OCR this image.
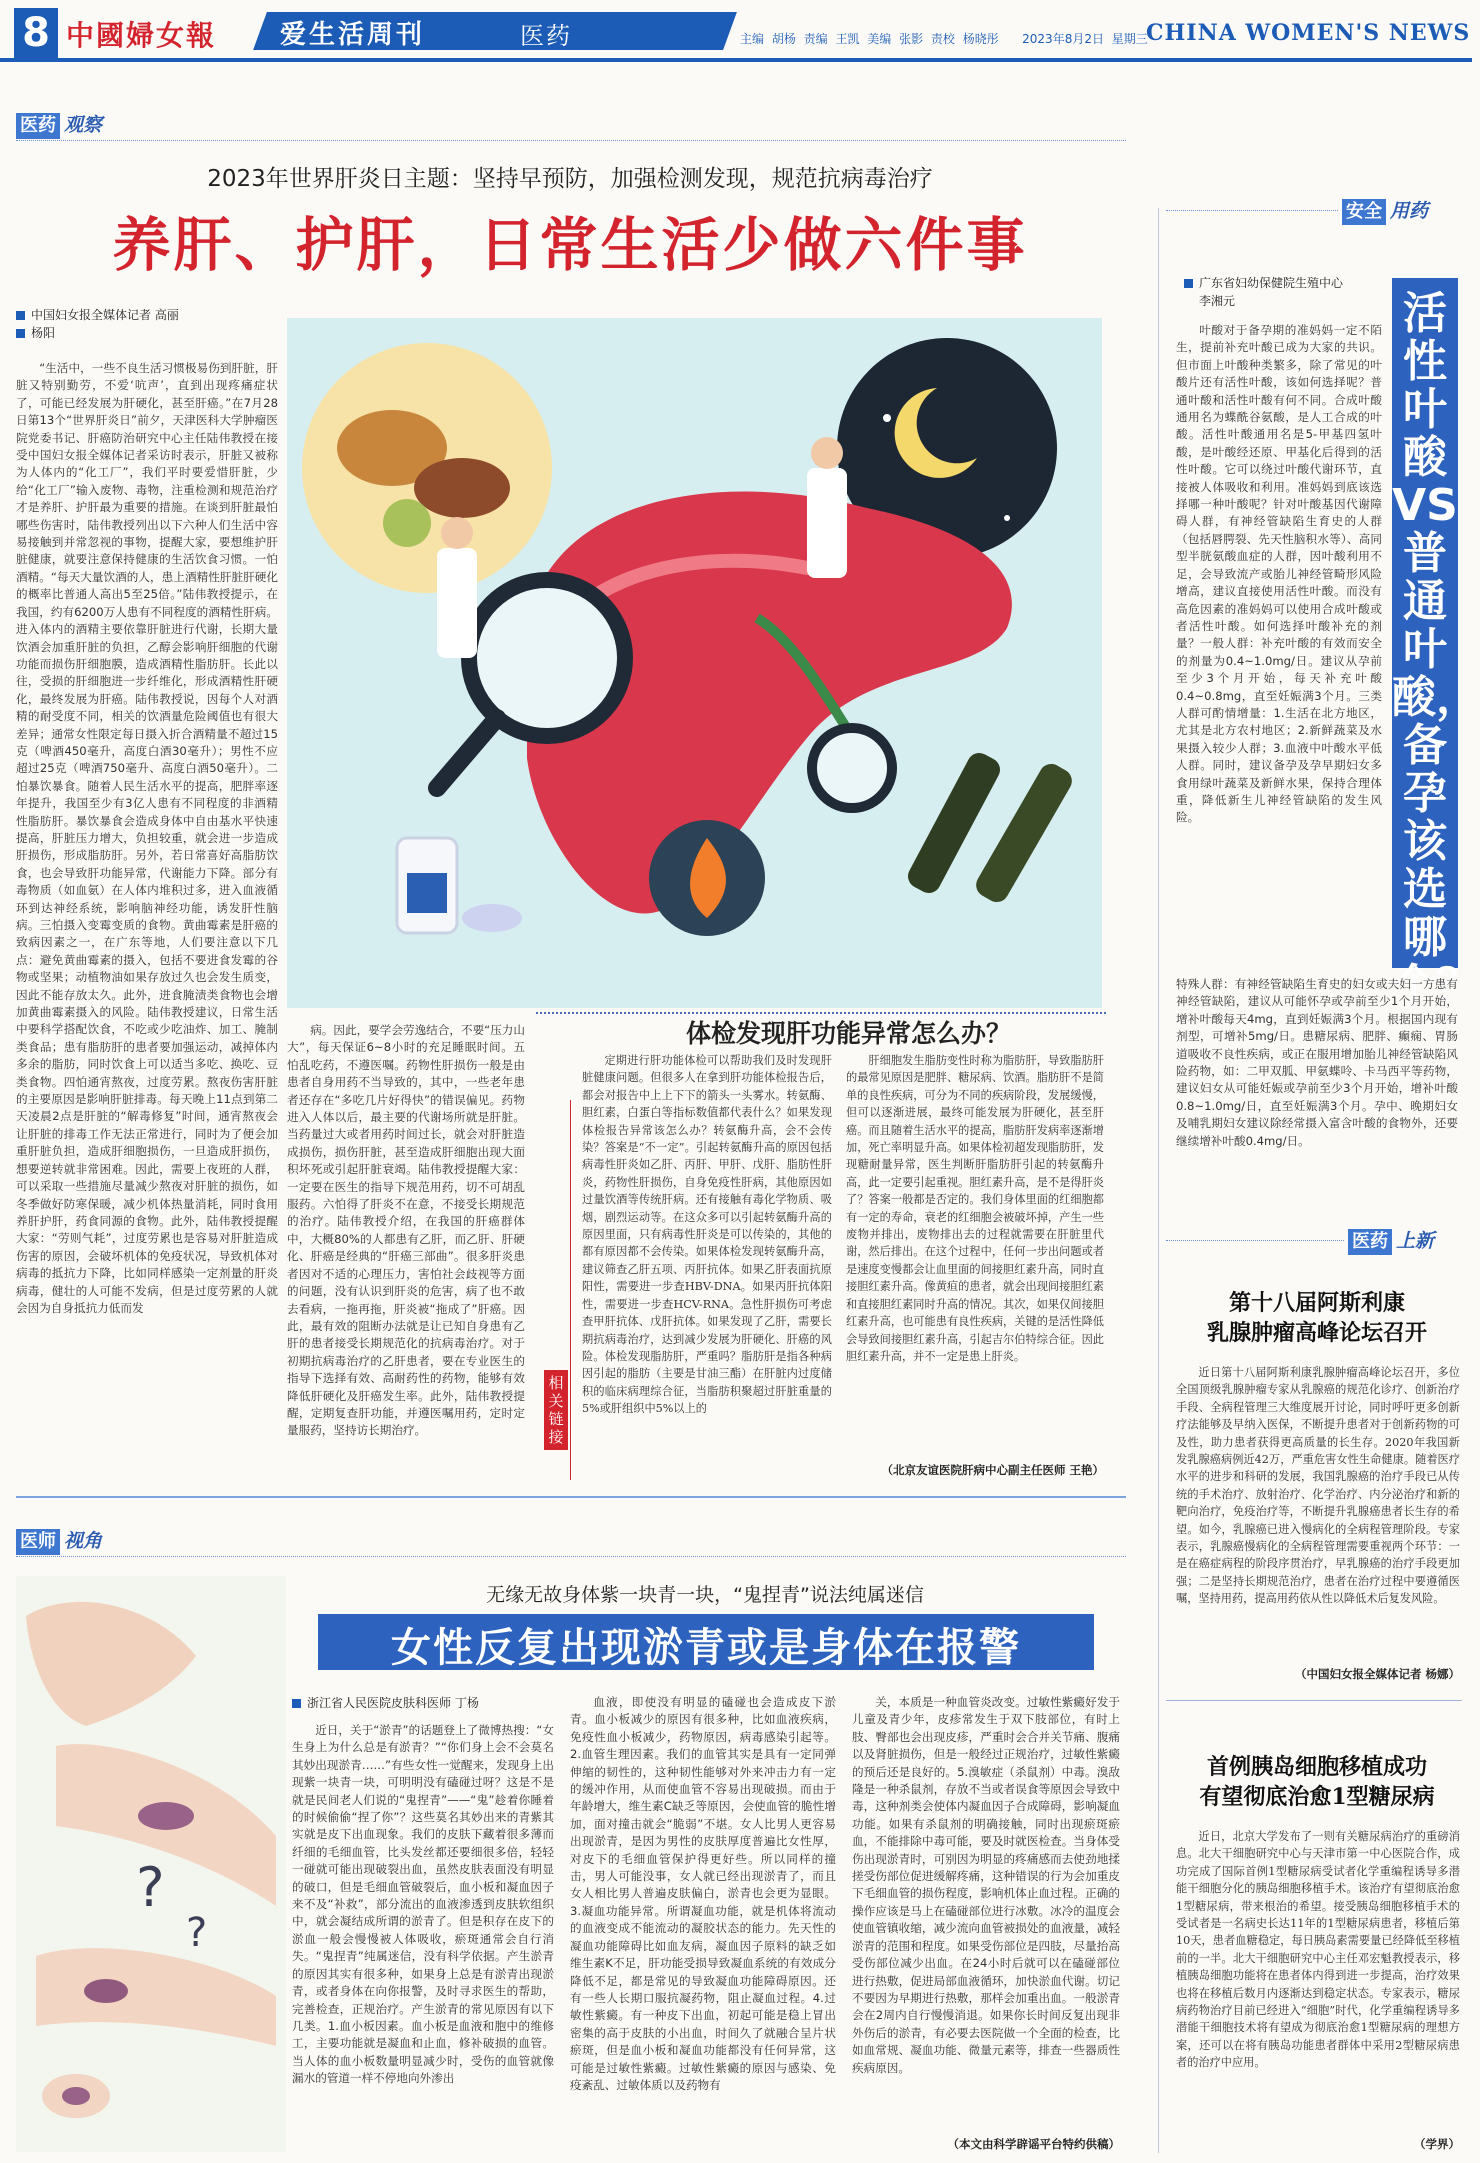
8 中國婦女報 爱生活周刊	医药	主编 胡杨 责编 王凯 美编 张影 责校 杨晓彤 2023年8月2日 星期三
CHINA WOMEN'S NEWS
医药 观察
2023年世界肝炎日主题：坚持早预防，加强检测发现，规范抗病毒治疗
养肝、护肝，日常生活少做六件事
中国妇女报全媒体记者 高丽
杨阳
“生活中，一些不良生活习惯极易伤到肝脏，肝脏又特别勤劳，不爱‘吭声’，直到出现疼痛症状了，可能已经发展为肝硬化，甚至肝癌。”在7月28日第13个“世界肝炎日”前夕，天津医科大学肿瘤医院党委书记、肝癌防治研究中心主任陆伟教授在接受中国妇女报全媒体记者采访时表示，肝脏又被称为人体内的“化工厂”，我们平时要爱惜肝脏，少给“化工厂”输入废物、毒物，注重检测和规范治疗才是养肝、护肝最为重要的措施。在谈到肝脏最怕哪些伤害时，陆伟教授列出以下六种人们生活中容易接触到并常忽视的事物，提醒大家，要想维护肝脏健康，就要注意保持健康的生活饮食习惯。一怕酒精。“每天大量饮酒的人，患上酒精性肝脏肝硬化的概率比普通人高出5至25倍。”陆伟教授提示，在我国，约有6200万人患有不同程度的酒精性肝病。进入体内的酒精主要依靠肝脏进行代谢，长期大量饮酒会加重肝脏的负担，乙醇会影响肝细胞的代谢功能而损伤肝细胞膜，造成酒精性脂肪肝。长此以往，受损的肝细胞进一步纤维化，形成酒精性肝硬化，最终发展为肝癌。陆伟教授说，因每个人对酒精的耐受度不同，相关的饮酒量危险阈值也有很大差异；通常女性限定每日摄入折合酒精量不超过15克（啤酒450毫升，高度白酒30毫升）；男性不应超过25克（啤酒750毫升、高度白酒50毫升）。二怕暴饮暴食。随着人民生活水平的提高，肥胖率逐年提升，我国至少有3亿人患有不同程度的非酒精性脂肪肝。暴饮暴食会造成身体中自由基水平快速提高，肝脏压力增大，负担较重，就会进一步造成肝损伤，形成脂肪肝。另外，若日常喜好高脂肪饮食，也会导致肝功能异常，代谢能力下降。部分有毒物质（如血氨）在人体内堆积过多，进入血液循环到达神经系统，影响脑神经功能，诱发肝性脑病。三怕摄入变霉变质的食物。黄曲霉素是肝癌的致病因素之一，在广东等地，人们要注意以下几点：避免黄曲霉素的摄入，包括不要进食发霉的谷物或坚果；动植物油如果存放过久也会发生质变，因此不能存放太久。此外，进食腌渍类食物也会增加黄曲霉素摄入的风险。陆伟教授建议，日常生活中要科学搭配饮食，不吃或少吃油炸、加工、腌制类食品；患有脂肪肝的患者要加强运动，减掉体内多余的脂肪，同时饮食上可以适当多吃、换吃、豆类食物。四怕通宵熬夜，过度劳累。熬夜伤害肝脏的主要原因是影响肝脏排毒。每天晚上11点到第二天凌晨2点是肝脏的“解毒修复”时间，通宵熬夜会让肝脏的排毒工作无法正常进行，同时为了便会加重肝脏负担，造成肝细胞损伤，一旦造成肝损伤，想要逆转就非常困难。因此，需要上夜班的人群，可以采取一些措施尽量减少熬夜对肝脏的损伤，如冬季做好防寒保暖，减少机体热量消耗，同时食用养肝护肝，药食同源的食物。此外，陆伟教授提醒大家：“劳则气耗”，过度劳累也是容易对肝脏造成伤害的原因，会破坏机体的免疫状况，导致机体对病毒的抵抗力下降，比如同样感染一定剂量的肝炎病毒，健壮的人可能不发病，但是过度劳累的人就会因为自身抵抗力低而发
病。因此，要学会劳逸结合，不要“压力山大”，每天保证6~8小时的充足睡眠时间。五怕乱吃药，不遵医嘱。药物性肝损伤一般是由患者自身用药不当导致的，其中，一些老年患者还存在“多吃几片好得快”的错误偏见。药物进入人体以后，最主要的代谢场所就是肝脏。当药量过大或者用药时间过长，就会对肝脏造成损伤，损伤肝脏，甚至造成肝细胞出现大面积坏死或引起肝脏衰竭。陆伟教授提醒大家：一定要在医生的指导下规范用药，切不可胡乱服药。六怕得了肝炎不在意，不接受长期规范的治疗。陆伟教授介绍，在我国的肝癌群体中，大概80%的人都患有乙肝，而乙肝、肝硬化、肝癌是经典的“肝癌三部曲”。很多肝炎患者因对不适的心理压力，害怕社会歧视等方面的问题，没有认识到肝炎的危害，病了也不敢去看病，一拖再拖，肝炎被“拖成了”肝癌。因此，最有效的阻断办法就是让已知自身患有乙肝的患者接受长期规范化的抗病毒治疗。对于初期抗病毒治疗的乙肝患者，要在专业医生的指导下选择有效、高耐药性的药物，能够有效降低肝硬化及肝癌发生率。此外，陆伟教授提醒，定期复查肝功能，并遵医嘱用药，定时定量服药，坚持访长期治疗。
体检发现肝功能异常怎么办？
相关链接
定期进行肝功能体检可以帮助我们及时发现肝脏健康问题。但很多人在拿到肝功能体检报告后，都会对报告中上上下下的箭头一头雾水。转氨酶、胆红素，白蛋白等指标数值都代表什么？如果发现体检报告异常该怎么办？转氨酶升高，会不会传染？答案是“不一定”。引起转氨酶升高的原因包括病毒性肝炎如乙肝、丙肝、甲肝、戊肝、脂肪性肝炎，药物性肝损伤，自身免疫性肝病，其他原因如过量饮酒等传统肝病。还有接触有毒化学物质、吸烟，剧烈运动等。在这众多可以引起转氨酶升高的原因里面，只有病毒性肝炎是可以传染的，其他的都有原因都不会传染。如果体检发现转氨酶升高，建议筛查乙肝五项、丙肝抗体。如果乙肝表面抗原阳性，需要进一步查HBV-DNA。如果丙肝抗体阳性，需要进一步查HCV-RNA。急性肝损伤可考虑查甲肝抗体、戊肝抗体。如果发现了乙肝，需要长期抗病毒治疗，达到减少发展为肝硬化、肝癌的风险。体检发现脂肪肝，严重吗？脂肪肝是指各种病因引起的脂肪（主要是甘油三酯）在肝脏内过度储积的临床病理综合征，当脂肪积聚超过肝脏重量的5%或肝组织中5%以上的
肝细胞发生脂肪变性时称为脂肪肝，导致脂肪肝的最常见原因是肥胖、糖尿病、饮酒。脂肪肝不是简单的良性疾病，可分为不同的疾病阶段，发展缓慢，但可以逐渐进展，最终可能发展为肝硬化，甚至肝癌。而且随着生活水平的提高，脂肪肝发病率逐渐增加，死亡率明显升高。如果体检初超发现脂肪肝，发现糖耐量异常，医生判断肝脂肪肝引起的转氨酶升高，此一定要引起重视。胆红素升高，是不是得肝炎了？答案一般都是否定的。我们身体里面的红细胞都有一定的寿命，衰老的红细胞会被破坏掉，产生一些废物并排出，废物排出去的过程就需要在肝脏里代谢，然后排出。在这个过程中，任何一步出问题或者是速度变慢都会让血里面的间接胆红素升高，同时直接胆红素升高。像黄疸的患者，就会出现间接胆红素和直接胆红素同时升高的情况。其次，如果仅间接胆红素升高，也可能患有良性疾病，关键的是活性降低会导致间接胆红素升高，引起吉尔伯特综合征。因此胆红素升高，并不一定是患上肝炎。
（北京友谊医院肝病中心副主任医师 王艳）
安全 用药
广东省妇幼保健院生殖中心
李湘元	活性叶酸VS普通叶酸，备孕该选哪个？
叶酸对于备孕期的准妈妈一定不陌生，提前补充叶酸已成为大家的共识。但市面上叶酸种类繁多，除了常见的叶酸片还有活性叶酸，该如何选择呢？普通叶酸和活性叶酸有何不同。合成叶酸通用名为蝶酰谷氨酸，是人工合成的叶酸。活性叶酸通用名是5-甲基四氢叶酸，是叶酸经还原、甲基化后得到的活性叶酸。它可以绕过叶酸代谢环节，直接被人体吸收和利用。准妈妈到底该选择哪一种叶酸呢？针对叶酸基因代谢障碍人群，有神经管缺陷生育史的人群（包括唇腭裂、先天性脑积水等）、高同型半胱氨酸血症的人群，因叶酸利用不足，会导致流产或胎儿神经管畸形风险增高，建议直接使用活性叶酸。而没有高危因素的准妈妈可以使用合成叶酸或者活性叶酸。如何选择叶酸补充的剂量？一般人群：补充叶酸的有效而安全的剂量为0.4~1.0mg/日。建议从孕前至少3个月开始，每天补充叶酸0.4~0.8mg，直至妊娠满3个月。三类人群可酌情增量：1.生活在北方地区，尤其是北方农村地区；2.新鲜蔬菜及水果摄入较少人群；3.血液中叶酸水平低人群。同时，建议备孕及孕早期妇女多食用绿叶蔬菜及新鲜水果，保持合理体重，降低新生儿神经管缺陷的发生风险。
特殊人群：有神经管缺陷生育史的妇女或夫妇一方患有神经管缺陷，建议从可能怀孕或孕前至少1个月开始，增补叶酸每天4mg，直到妊娠满3个月。根据国内现有剂型，可增补5mg/日。患糖尿病、肥胖、癫痫、胃肠道吸收不良性疾病，或正在服用增加胎儿神经管缺陷风险药物，如：二甲双胍、甲氨蝶呤、卡马西平等药物，建议妇女从可能妊娠或孕前至少3个月开始，增补叶酸0.8~1.0mg/日，直至妊娠满3个月。孕中、晚期妇女及哺乳期妇女建议除经常摄入富含叶酸的食物外，还要继续增补叶酸0.4mg/日。
医药 上新
第十八届阿斯利康
乳腺肿瘤高峰论坛召开
近日第十八届阿斯利康乳腺肿瘤高峰论坛召开，多位全国顶级乳腺肿瘤专家从乳腺癌的规范化诊疗、创新治疗手段、全病程管理三大维度展开讨论，同时呼吁更多创新疗法能够及早纳入医保，不断提升患者对于创新药物的可及性，助力患者获得更高质量的长生存。2020年我国新发乳腺癌病例近42万，严重危害女性生命健康。随着医疗水平的进步和科研的发展，我国乳腺癌的治疗手段已从传统的手术治疗、放射治疗、化学治疗、内分泌治疗和新的靶向治疗，免疫治疗等，不断提升乳腺癌患者长生存的希望。如今，乳腺癌已进入慢病化的全病程管理阶段。专家表示，乳腺癌慢病化的全病程管理需要重视两个环节：一是在癌症病程的阶段序贯治疗，早乳腺癌的治疗手段更加强；二是坚持长期规范治疗，患者在治疗过程中要遵循医嘱，坚持用药，提高用药依从性以降低术后复发风险。
（中国妇女报全媒体记者 杨娜）
首例胰岛细胞移植成功
有望彻底治愈1型糖尿病
近日，北京大学发布了一则有关糖尿病治疗的重磅消息。北大干细胞研究中心与天津市第一中心医院合作，成功完成了国际首例1型糖尿病受试者化学重编程诱导多潜能干细胞分化的胰岛细胞移植手术。该治疗有望彻底治愈1型糖尿病，带来根治的希望。接受胰岛细胞移植手术的受试者是一名病史长达11年的1型糖尿病患者，移植后第10天，患者血糖稳定，每日胰岛素需要量已经降低至移植前的一半。北大干细胞研究中心主任邓宏魁教授表示，移植胰岛细胞功能将在患者体内得到进一步提高，治疗效果也将在移植后数月内逐渐达到稳定状态。专家表示，糖尿病药物治疗目前已经进入“细胞”时代，化学重编程诱导多潜能干细胞技术将有望成为彻底治愈1型糖尿病的理想方案，还可以在将有胰岛功能患者群体中采用2型糖尿病患者的治疗中应用。
（学界）
医师 视角
无缘无故身体紫一块青一块，“鬼捏青”说法纯属迷信
女性反复出现淤青或是身体在报警
?
?
浙江省人民医院皮肤科医师 丁杨
近日，关于“淤青”的话题登上了微博热搜：“女生身上为什么总是有淤青？”“你们身上会不会莫名其妙出现淤青……”有些女性一觉醒来，发现身上出现紫一块青一块，可明明没有磕碰过呀？这是不是就是民间老人们说的“鬼捏青”——“鬼”趁着你睡着的时候偷偷“捏了你”？这些莫名其妙出来的青紫其实就是皮下出血现象。我们的皮肤下藏着很多薄而纤细的毛细血管，比头发丝都还要细很多倍，轻轻一碰就可能出现破裂出血，虽然皮肤表面没有明显的破口，但是毛细血管破裂后，血小板和凝血因子来不及“补救”，部分流出的血液渗透到皮肤软组织中，就会凝结成所谓的淤青了。但是积存在皮下的淤血一般会慢慢被人体吸收，瘀斑通常会自行消失。“鬼捏青”纯属迷信，没有科学依据。产生淤青的原因其实有很多种，如果身上总是有淤青出现淤青，或者身体在向你报警，及时寻求医生的帮助，完善检查，正规治疗。产生淤青的常见原因有以下几类。1.血小板因素。血小板是血液和胞中的维修工，主要功能就是凝血和止血，修补破损的血管。当人体的血小板数量明显减少时，受伤的血管就像漏水的管道一样不停地向外渗出
血液，即使没有明显的磕碰也会造成皮下淤青。血小板减少的原因有很多种，比如血液疾病，免疫性血小板减少，药物原因，病毒感染引起等。2.血管生理因素。我们的血管其实是具有一定同弹伸缩的韧性的，这种韧性能够对外来冲击力有一定的缓冲作用，从而使血管不容易出现破损。而由于年龄增大，维生素C缺乏等原因，会使血管的脆性增加，面对撞击就会“脆弱”不堪。女人比男人更容易出现淤青，是因为男性的皮肤厚度普遍比女性厚，对皮下的毛细血管保护得更好些。所以同样的撞击，男人可能没事，女人就已经出现淤青了，而且女人相比男人普遍皮肤偏白，淤青也会更为显眼。3.凝血功能异常。所谓凝血功能，就是机体将流动的血液变成不能流动的凝胶状态的能力。先天性的凝血功能障碍比如血友病，凝血因子原料的缺乏如维生素K不足，肝功能受损导致凝血系统的有效成分降低不足，都是常见的导致凝血功能障碍原因。还有一些人长期口服抗凝药物，阻止凝血过程。4.过敏性紫癜。有一种皮下出血，初起可能是稳上冒出密集的高于皮肤的小出血，时间久了就融合呈片状瘀斑，但是血小板和凝血功能都没有任何异常，这可能是过敏性紫癜。过敏性紫癜的原因与感染、免疫紊乱、过敏体质以及药物有
关，本质是一种血管炎改变。过敏性紫癜好发于儿童及青少年，皮疹常发生于双下肢部位，有时上肢、臀部也会出现皮疹，严重时会合并关节痛、腹痛以及肾脏损伤，但是一般经过正规治疗，过敏性紫癜的预后还是良好的。5.溴敏症（杀鼠剂）中毒。溴敌隆是一种杀鼠剂，存放不当或者误食等原因会导致中毒，这种剂类会使体内凝血因子合成障碍，影响凝血功能。如果有杀鼠剂的明确接触，同时出现瘀斑瘀血，不能排除中毒可能，要及时就医检查。当身体受伤出现淤青时，可别因为明显的疼痛感而去使劲地揉搓受伤部位促进缓解疼痛，这种错误的行为会加重皮下毛细血管的损伤程度，影响机体止血过程。正确的操作应该是马上在磕碰部位进行冰敷。冰冷的温度会使血管镇收缩，减少流向血管被损处的血液量，减轻淤青的范围和程度。如果受伤部位是四肢，尽量抬高受伤部位减少出血。在24小时后就可以在磕碰部位进行热敷，促进局部血液循环，加快淤血代谢。切记不要因为早期进行热敷，那样会加重出血。一般淤青会在2周内自行慢慢消退。如果你长时间反复出现非外伤后的淤青，有必要去医院做一个全面的检查，比如血常规、凝血功能、微量元素等，排查一些器质性疾病原因。
（本文由科学辟谣平台特约供稿）
